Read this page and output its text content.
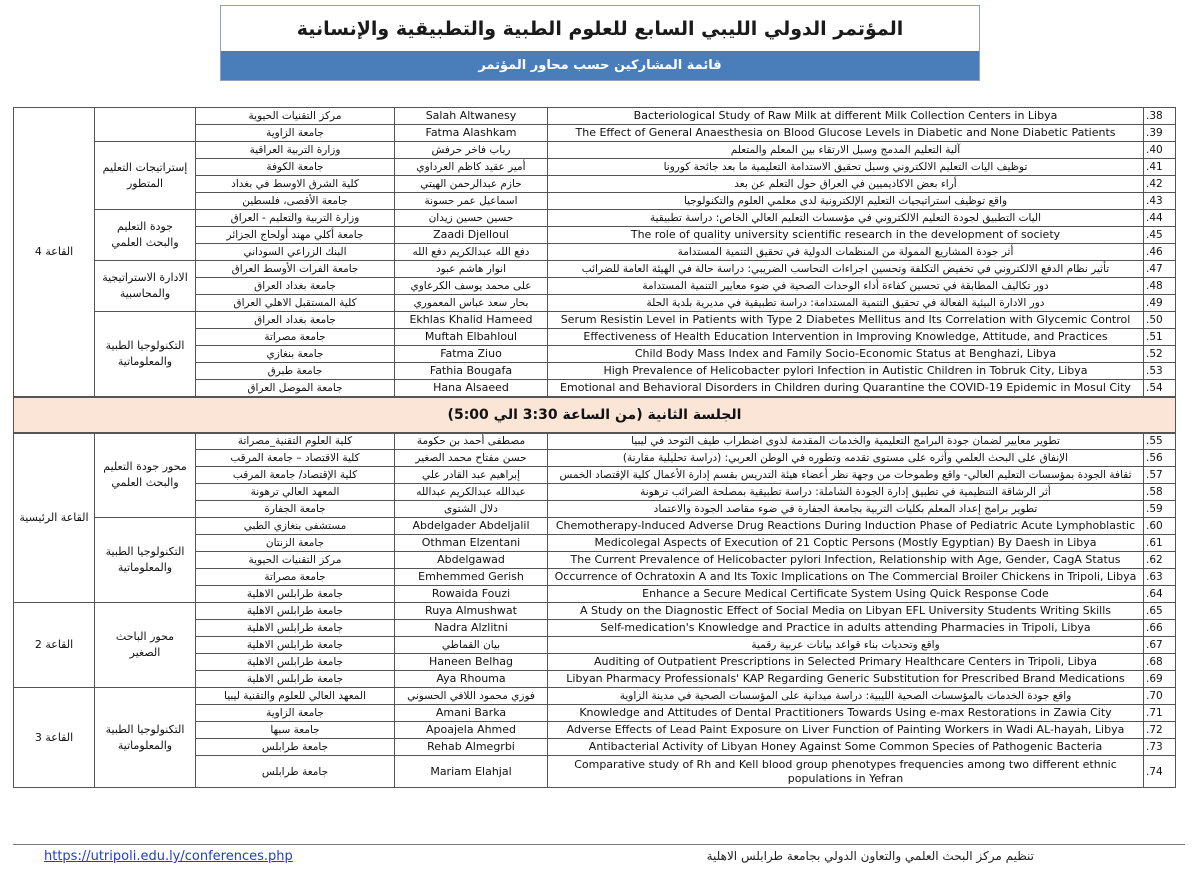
المؤتمر الدولي الليبي السابع للعلوم الطبية والتطبيقية والإنسانية
قائمة المشاركين حسب محاور المؤتمر
القاعة 4		مركز التقنيات الحيوية	Salah Altwanesy	Bacteriological Study of Raw Milk at different Milk Collection Centers in Libya	.38
		جامعة الزاوية	Fatma Alashkam	The Effect of General Anaesthesia on Blood Glucose Levels in Diabetic and None Diabetic Patients	.39
	إستراتيجات التعليم المتطور	وزارة التربية العراقية	رباب فاخر حرفش	آلية التعليم المدمج وسبل الارتقاء بين المعلم والمتعلم	.40
		جامعة الكوفة	أمير عقيد كاظم العرداوي	توظيف اليات التعليم الالكتروني وسبل تحقيق الاستدامة التعليمية ما بعد جائحة كورونا	.41
		كلية الشرق الاوسط في بغداد	حازم عبدالرحمن الهيتي	أراء بعض الاكاديميين في العراق حول التعلم عن بعد	.42
		جامعة الأقصى، فلسطين	اسماعيل عمر حسونة	واقع توظيف استراتيجيات التعليم الإلكترونية لدى معلمي العلوم والتكنولوجيا	.43
	جودة التعليم والبحث العلمي	وزارة التربية والتعليم - العراق	حسين حسين زيدان	اليات التطبيق لجودة التعليم الالكتروني في مؤسسات التعليم العالي الخاص: دراسة تطبيقية	.44
		جامعة أكلي مهند أولحاج الجزائر	Zaadi Djelloul	The role of quality university scientific research in the development of society	.45
		البنك الزراعي السوداني	دفع الله عبدالكريم دفع الله	أثر جودة المشاريع الممولة من المنظمات الدولية في تحقيق التنمية المستدامة	.46
	الادارة الاستراتيجية والمحاسبية	جامعة الفرات الأوسط العراق	انوار هاشم عبود	تأثير نظام الدفع الالكتروني في تخفيض التكلفة وتحسين اجراءات التحاسب الضريبي: دراسة حالة في الهيئة العامة للضرائب	.47
		جامعة بغداد العراق	على محمد يوسف الكرعاوي	دور تكاليف المطابقة في تحسين كفاءة أداء الوحدات الصحية في ضوء معايير التنمية المستدامة	.48
		كلية المستقبل الاهلي العراق	بحار سعد عباس المعموري	دور الادارة البيئية الفعالة في تحقيق التنمية المستدامة: دراسة تطبيقية في مديرية بلدية الحلة	.49
	التكنولوجيا الطبية والمعلوماتية	جامعة بغداد العراق	Ekhlas Khalid Hameed	Serum Resistin Level in Patients with Type 2 Diabetes Mellitus and Its Correlation with Glycemic Control	.50
		جامعة مصراتة	Muftah Elbahloul	Effectiveness of Health Education Intervention in Improving Knowledge, Attitude, and Practices	.51
		جامعة بنغازي	Fatma Ziuo	Child Body Mass Index and Family Socio-Economic Status at Benghazi, Libya	.52
		جامعة طبرق	Fathia Bougafa	High Prevalence of Helicobacter pylori Infection in Autistic Children in Tobruk City, Libya	.53
		جامعة الموصل العراق	Hana Alsaeed	Emotional and Behavioral Disorders in Children during Quarantine the COVID-19 Epidemic in Mosul City	.54
الجلسة الثانية (من الساعة 3:30 الي 5:00)					
القاعة الرئيسية	محور جودة التعليم والبحث العلمي	كلية العلوم التقنية_مصراتة	مصطفى أحمد بن حكومة	تطوير معايير لضمان جودة البرامج التعليمية والخدمات المقدمة لذوى اضطراب طيف التوحد في ليبيا	.55
		كلية الاقتصاد – جامعة المرقب	حسن مفتاح محمد الصغير	الإنفاق على البحث العلمي وأثره على مستوى تقدمه وتطوره في الوطن العربي: (دراسة تحليلية مقارنة)	.56
		كلية الإقتصاد/ جامعة المرقب	إبراهيم عبد القادر علي	ثقافة الجودة بمؤسسات التعليم العالي- واقع وطموحات من وجهة نظر أعضاء هيئة التدريس بقسم إدارة الأعمال كلية الإقتصاد الخمس	.57
		المعهد العالي ترهونة	عبدالله عبدالكريم عبدالله	أثر الرشاقة التنظيمية في تطبيق إدارة الجودة الشاملة: دراسة تطبيقية بمصلحة الضرائب ترهونة	.58
		جامعة الجفارة	دلال الشتوى	تطوير برامج إعداد المعلم بكليات التربية بجامعة الجفارة في ضوء مقاصد الجودة والاعتماد	.59
	التكنولوجيا الطبية والمعلوماتية	مستشفى بنغازي الطبي	Abdelgader Abdeljalil	Chemotherapy-Induced Adverse Drug Reactions During Induction Phase of Pediatric Acute Lymphoblastic	.60
		جامعة الزنتان	Othman Elzentani	Medicolegal Aspects of Execution of 21 Coptic Persons (Mostly Egyptian) By Daesh in Libya	.61
		مركز التقنيات الحيوية	Abdelgawad	The Current Prevalence of Helicobacter pylori Infection, Relationship with Age, Gender, CagA Status	.62
		جامعة مصراتة	Emhemmed Gerish	Occurrence of Ochratoxin A and Its Toxic Implications on The Commercial Broiler Chickens in Tripoli, Libya	.63
		جامعة طرابلس الاهلية	Rowaida Fouzi	Enhance a Secure Medical Certificate System Using Quick Response Code	.64
القاعة 2	محور الباحث الصغير	جامعة طرابلس الاهلية	Ruya Almushwat	A Study on the Diagnostic Effect of Social Media on Libyan EFL University Students Writing Skills	.65
		جامعة طرابلس الاهلية	Nadra Alzlitni	Self-medication's Knowledge and Practice in adults attending Pharmacies in Tripoli, Libya	.66
		جامعة طرابلس الاهلية	بيان القماطي	واقع وتحديات بناء قواعد بيانات عربية رقمية	.67
		جامعة طرابلس الاهلية	Haneen Belhag	Auditing of Outpatient Prescriptions in Selected Primary Healthcare Centers in Tripoli, Libya	.68
		جامعة طرابلس الاهلية	Aya Rhouma	Libyan Pharmacy Professionals' KAP Regarding Generic Substitution for Prescribed Brand Medications	.69
القاعة 3	التكنولوجيا الطبية والمعلوماتية	المعهد العالي للعلوم والتقنية ليبيا	فوزي محمود اللافي الحسوني	واقع جودة الخدمات بالمؤسسات الصحية الليبية: دراسة ميدانية على المؤسسات الصحية في مدينة الزاوية	.70
		جامعة الزاوية	Amani Barka	Knowledge and Attitudes of Dental Practitioners Towards Using e-max Restorations in Zawia City	.71
		جامعة سبها	Apoajela Ahmed	Adverse Effects of Lead Paint Exposure on Liver Function of Painting Workers in Wadi AL-hayah, Libya	.72
		جامعة طرابلس	Rehab Almegrbi	Antibacterial Activity of Libyan Honey Against Some Common Species of Pathogenic Bacteria	.73
		جامعة طرابلس	Mariam Elahjal	Comparative study of Rh and Kell blood group phenotypes frequencies among two different ethnic populations in Yefran	.74
https://utripoli.edu.ly/conferences.php	تنظيم مركز البحث العلمي والتعاون الدولي بجامعة طرابلس الاهلية
